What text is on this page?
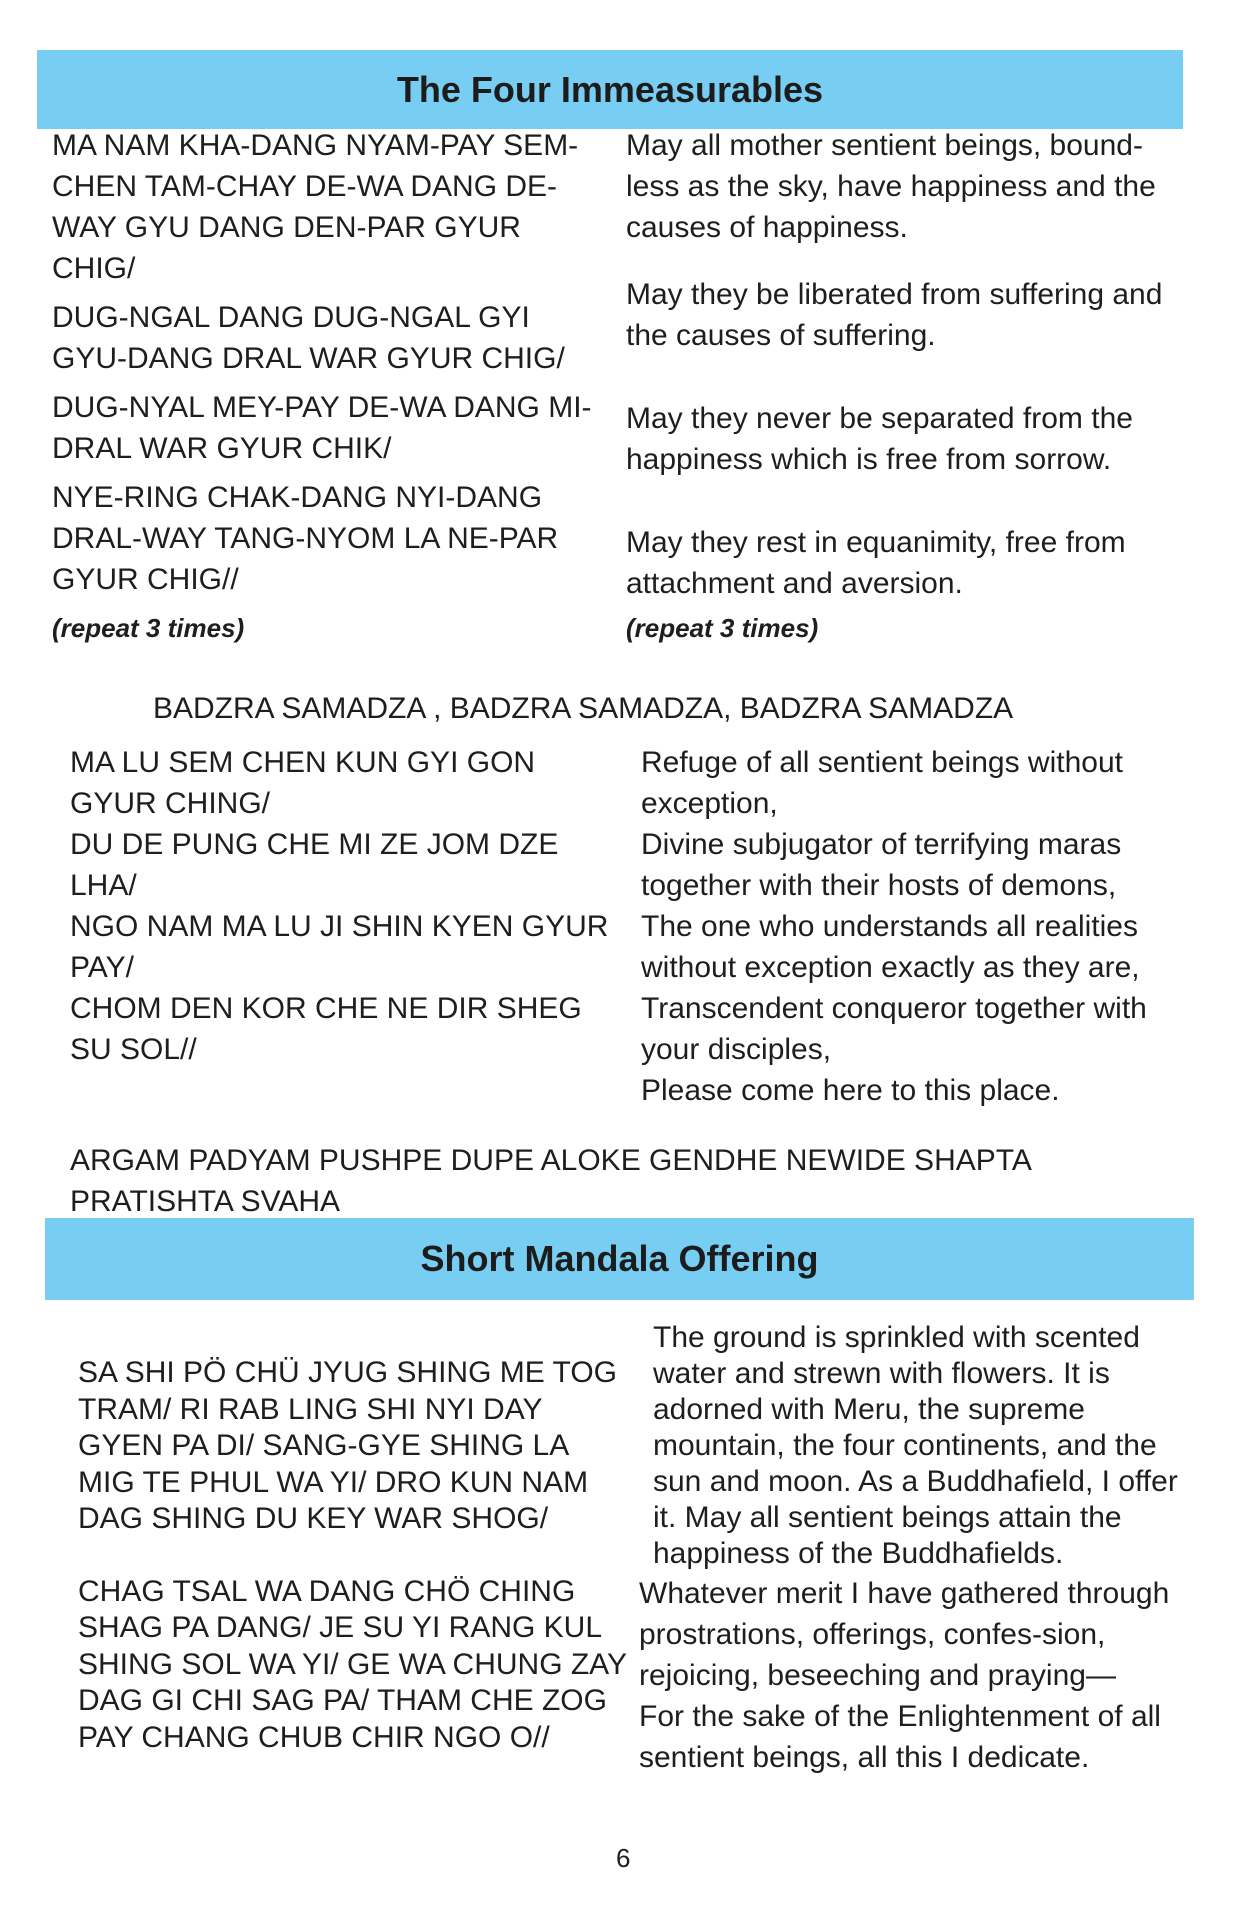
The Four Immeasurables

MA NAM KHA-DANG NYAM-PAY SEM-CHEN TAM-CHAY DE-WA DANG DE-WAY GYU DANG DEN-PAR GYUR CHIG/

DUG-NGAL DANG DUG-NGAL GYI GYU-DANG DRAL WAR GYUR CHIG/

DUG-NYAL MEY-PAY DE-WA DANG MI-DRAL WAR GYUR CHIK/

NYE-RING CHAK-DANG NYI-DANG DRAL-WAY TANG-NYOM LA NE-PAR GYUR CHIG//

(repeat 3 times)

May all mother sentient beings, bound-less as the sky, have happiness and the causes of happiness.

May they be liberated from suffering and the causes of suffering.

May they never be separated from the happiness which is free from sorrow.

May they rest in equanimity, free from attachment and aversion.

(repeat 3 times)

BADZRA SAMADZA , BADZRA SAMADZA, BADZRA SAMADZA

MA LU SEM CHEN KUN GYI GON GYUR CHING/

DU DE PUNG CHE MI ZE JOM DZE LHA/

NGO NAM MA LU JI SHIN KYEN GYUR PAY/

CHOM DEN KOR CHE NE DIR SHEG SU SOL//

Refuge of all sentient beings without exception,

Divine subjugator of terrifying maras together with their hosts of demons,

The one who understands all realities without exception exactly as they are,

Transcendent conqueror together with your disciples,

Please come here to this place.

ARGAM PADYAM PUSHPE DUPE ALOKE GENDHE NEWIDE SHAPTA PRATISHTA SVAHA
Short Mandala Offering

SA SHI PÖ CHÜ JYUG SHING ME TOG TRAM/ RI RAB LING SHI NYI DAY GYEN PA DI/ SANG-GYE SHING LA MIG TE PHUL WA YI/ DRO KUN NAM DAG SHING DU KEY WAR SHOG/

CHAG TSAL WA DANG CHÖ CHING SHAG PA DANG/ JE SU YI RANG KUL SHING SOL WA YI/ GE WA CHUNG ZAY DAG GI CHI SAG PA/ THAM CHE ZOG PAY CHANG CHUB CHIR NGO O//

The ground is sprinkled with scented water and strewn with flowers. It is adorned with Meru, the supreme mountain, the four continents, and the sun and moon. As a Buddhafield, I offer it. May all sentient beings attain the happiness of the Buddhafields.

Whatever merit I have gathered through prostrations, offerings, confes-sion, rejoicing, beseeching and praying—

For the sake of the Enlightenment of all sentient beings, all this I dedicate.

6
